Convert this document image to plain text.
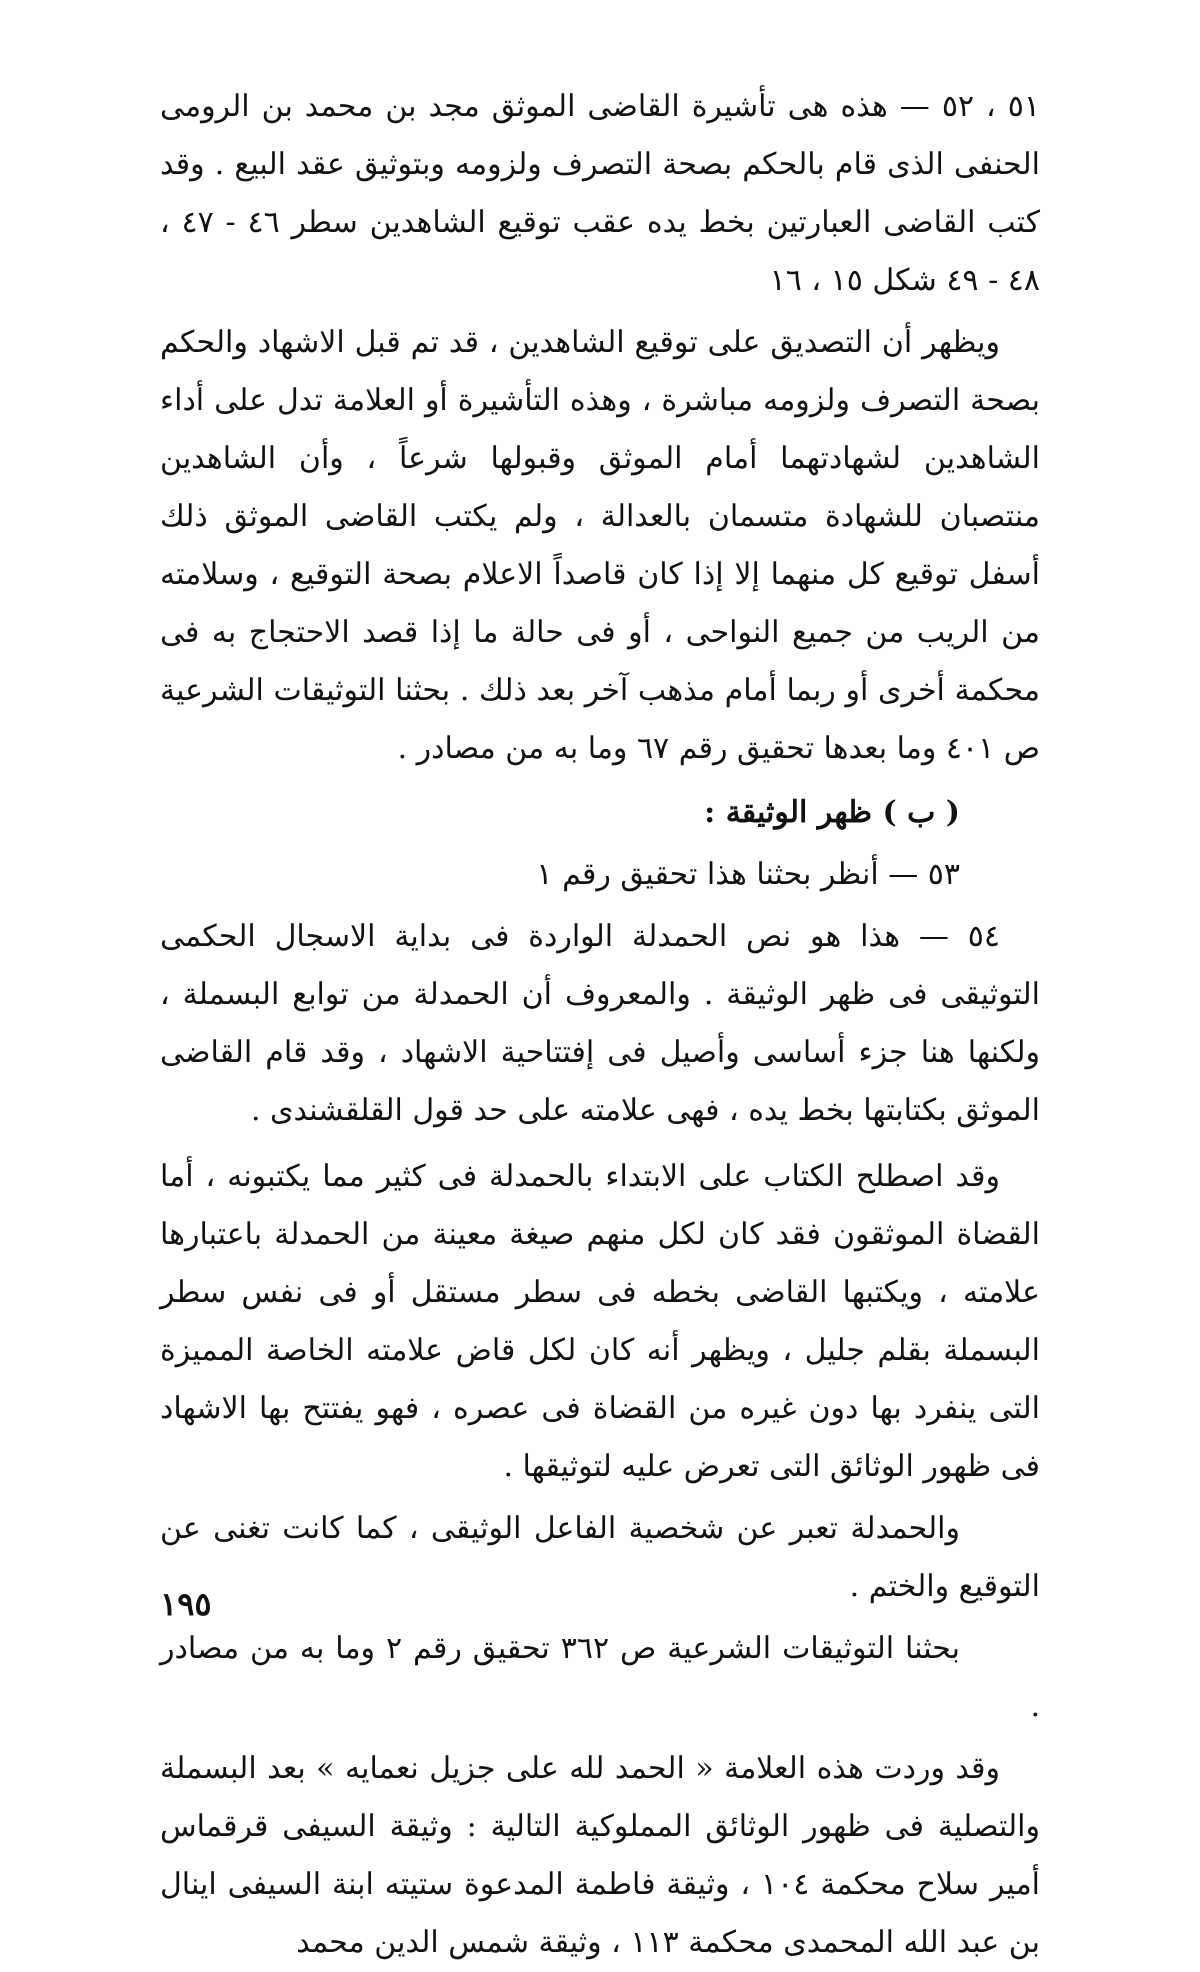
٥١ ، ٥٢ — هذه هى تأشيرة القاضى الموثق مجد بن محمد بن الرومى الحنفى الذى قام بالحكم بصحة التصرف ولزومه وبتوثيق عقد البيع . وقد كتب القاضى العبارتين بخط يده عقب توقيع الشاهدين سطر ٤٦ - ٤٧ ، ٤٨ - ٤٩ شكل ١٥ ، ١٦

ويظهر أن التصديق على توقيع الشاهدين ، قد تم قبل الاشهاد والحكم بصحة التصرف ولزومه مباشرة ، وهذه التأشيرة أو العلامة تدل على أداء الشاهدين لشهادتهما أمام الموثق وقبولها شرعاً ، وأن الشاهدين منتصبان للشهادة متسمان بالعدالة ، ولم يكتب القاضى الموثق ذلك أسفل توقيع كل منهما إلا إذا كان قاصداً الاعلام بصحة التوقيع ، وسلامته من الريب من جميع النواحى ، أو فى حالة ما إذا قصد الاحتجاج به فى محكمة أخرى أو ربما أمام مذهب آخر بعد ذلك . بحثنا التوثيقات الشرعية ص ٤٠١ وما بعدها تحقيق رقم ٦٧ وما به من مصادر .

( ب ) ظهر الوثيقة :

٥٣ — أنظر بحثنا هذا تحقيق رقم ١

٥٤ — هذا هو نص الحمدلة الواردة فى بداية الاسجال الحكمى التوثيقى فى ظهر الوثيقة . والمعروف أن الحمدلة من توابع البسملة ، ولكنها هنا جزء أساسى وأصيل فى إفتتاحية الاشهاد ، وقد قام القاضى الموثق بكتابتها بخط يده ، فهى علامته على حد قول القلقشندى .

وقد اصطلح الكتاب على الابتداء بالحمدلة فى كثير مما يكتبونه ، أما القضاة الموثقون فقد كان لكل منهم صيغة معينة من الحمدلة باعتبارها علامته ، ويكتبها القاضى بخطه فى سطر مستقل أو فى نفس سطر البسملة بقلم جليل ، ويظهر أنه كان لكل قاض علامته الخاصة المميزة التى ينفرد بها دون غيره من القضاة فى عصره ، فهو يفتتح بها الاشهاد فى ظهور الوثائق التى تعرض عليه لتوثيقها .

والحمدلة تعبر عن شخصية الفاعل الوثيقى ، كما كانت تغنى عن التوقيع والختم .

بحثنا التوثيقات الشرعية ص ٣٦٢ تحقيق رقم ٢ وما به من مصادر .

وقد وردت هذه العلامة « الحمد لله على جزيل نعمايه » بعد البسملة والتصلية فى ظهور الوثائق المملوكية التالية : وثيقة السيفى قرقماس أمير سلاح محكمة ١٠٤ ، وثيقة فاطمة المدعوة ستيته ابنة السيفى اينال بن عبد الله المحمدى محكمة ١١٣ ، وثيقة شمس الدين محمد

١٩٥
